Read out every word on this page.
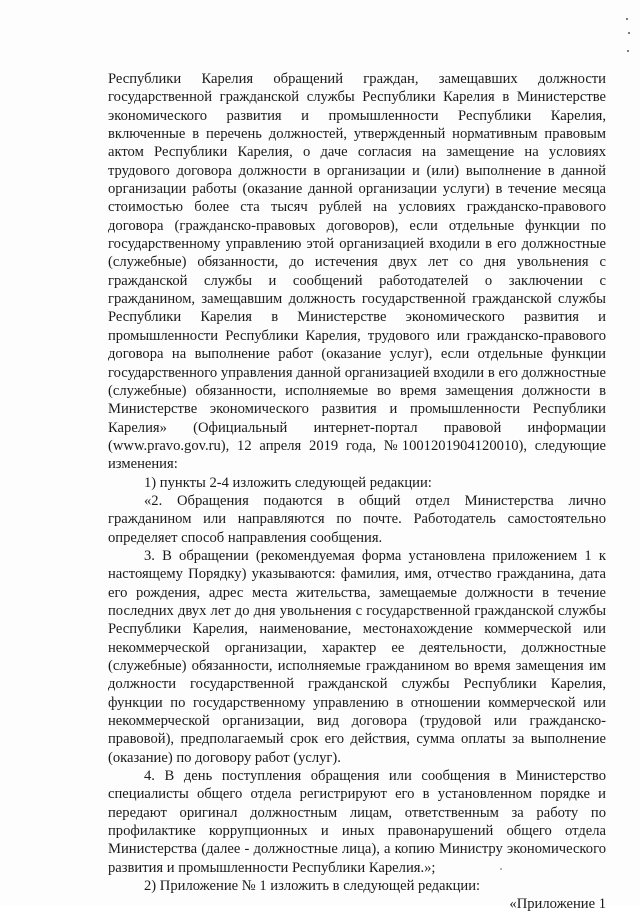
Республики Карелия обращений граждан, замещавших должности государственной гражданской службы Республики Карелия в Министерстве экономического развития и промышленности Республики Карелия, включенные в перечень должностей, утвержденный нормативным правовым актом Республики Карелия, о даче согласия на замещение на условиях трудового договора должности в организации и (или) выполнение в данной организации работы (оказание данной организации услуги) в течение месяца стоимостью более ста тысяч рублей на условиях гражданско-правового договора (гражданско-правовых договоров), если отдельные функции по государственному управлению этой организацией входили в его должностные (служебные) обязанности, до истечения двух лет со дня увольнения с гражданской службы и сообщений работодателей о заключении с гражданином, замещавшим должность государственной гражданской службы Республики Карелия в Министерстве экономического развития и промышленности Республики Карелия, трудового или гражданско-правового договора на выполнение работ (оказание услуг), если отдельные функции государственного управления данной организацией входили в его должностные (служебные) обязанности, исполняемые во время замещения должности в Министерстве экономического развития и промышленности Республики Карелия» (Официальный интернет-портал правовой информации (www.pravo.gov.ru), 12 апреля 2019 года, №1001201904120010), следующие изменения:

1) пункты 2-4 изложить следующей редакции:

«2. Обращения подаются в общий отдел Министерства лично гражданином или направляются по почте. Работодатель самостоятельно определяет способ направления сообщения.

3. В обращении (рекомендуемая форма установлена приложением 1 к настоящему Порядку) указываются: фамилия, имя, отчество гражданина, дата его рождения, адрес места жительства, замещаемые должности в течение последних двух лет до дня увольнения с государственной гражданской службы Республики Карелия, наименование, местонахождение коммерческой или некоммерческой организации, характер ее деятельности, должностные (служебные) обязанности, исполняемые гражданином во время замещения им должности государственной гражданской службы Республики Карелия, функции по государственному управлению в отношении коммерческой или некоммерческой организации, вид договора (трудовой или гражданско-правовой), предполагаемый срок его действия, сумма оплаты за выполнение (оказание) по договору работ (услуг).

4. В день поступления обращения или сообщения в Министерство специалисты общего отдела регистрируют его в установленном порядке и передают оригинал должностным лицам, ответственным за работу по профилактике коррупционных и иных правонарушений общего отдела Министерства (далее - должностные лица), а копию Министру экономического развития и промышленности Республики Карелия.»;

2) Приложение № 1 изложить в следующей редакции:

«Приложение 1
